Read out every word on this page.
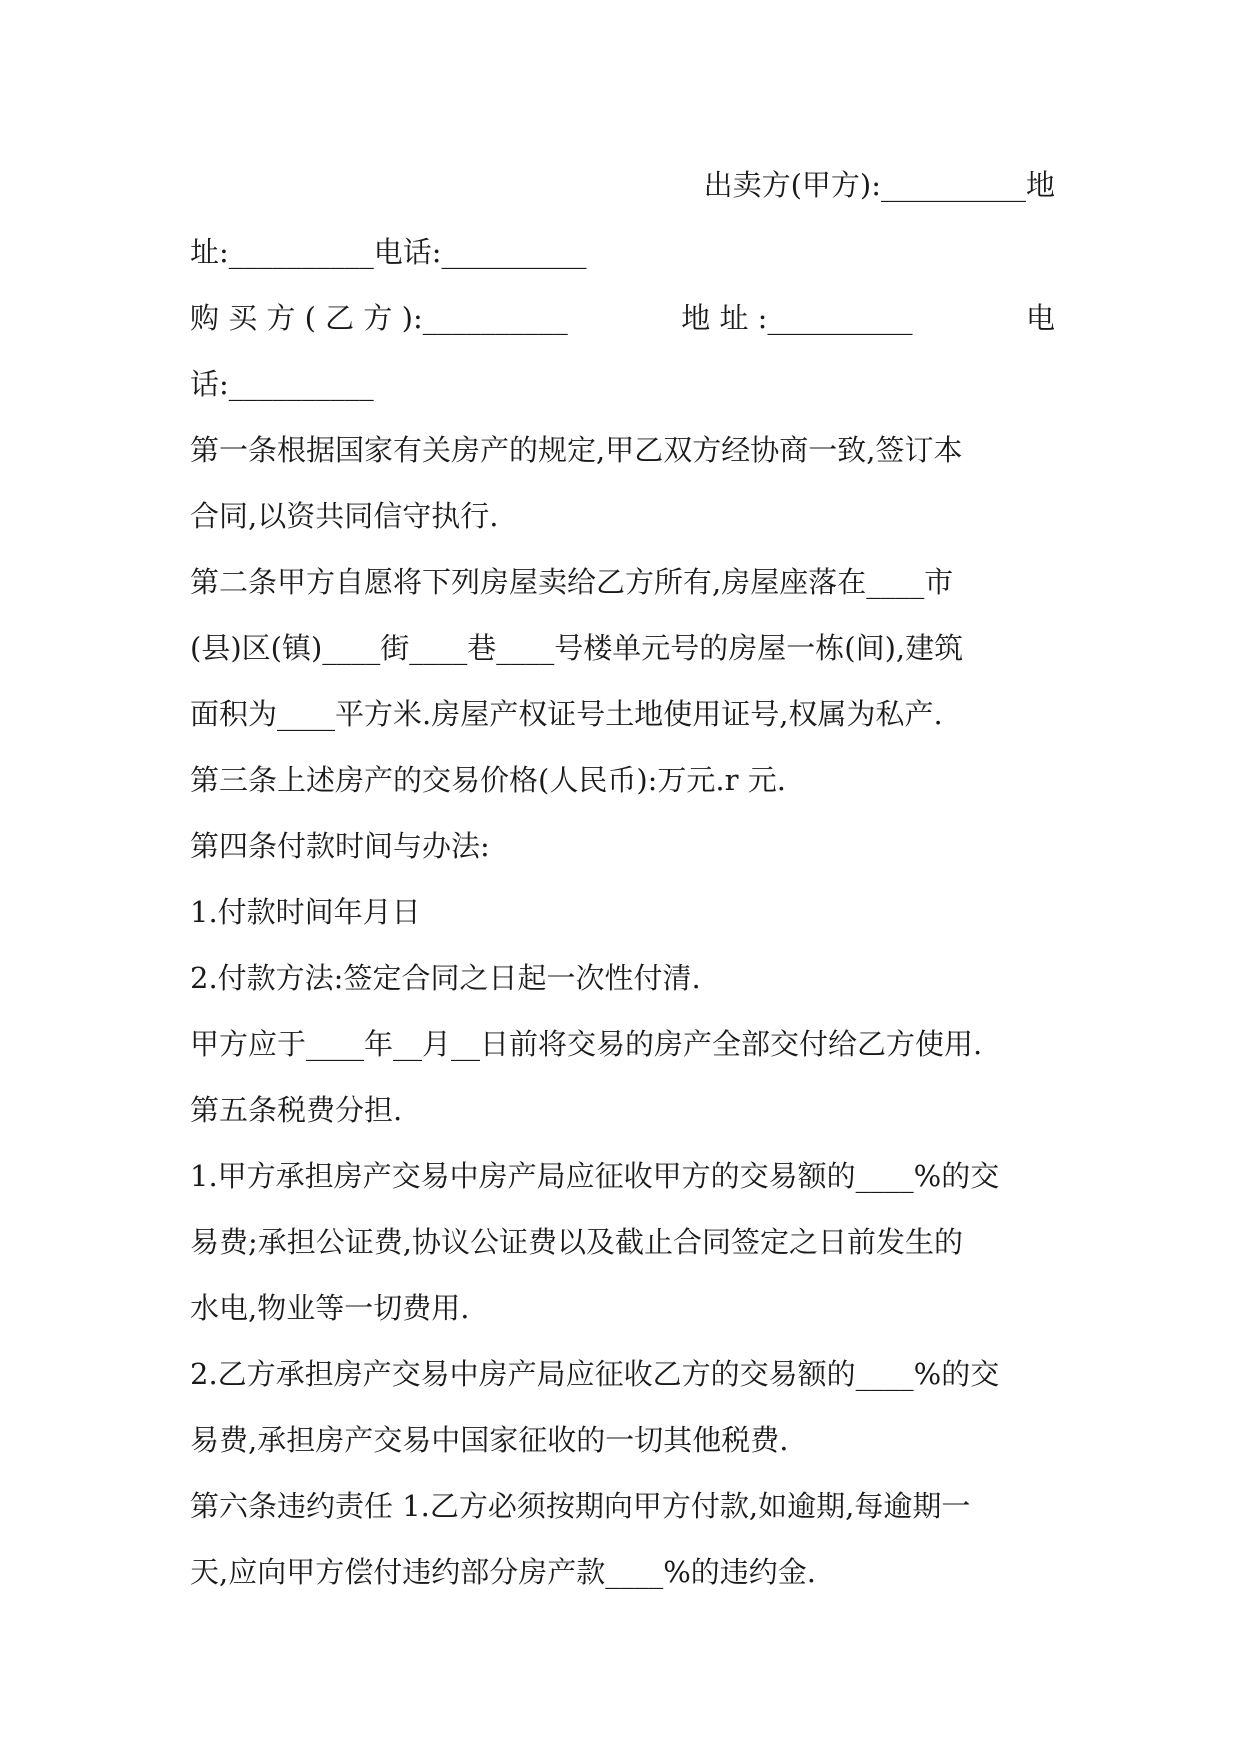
出卖方(甲方):__________地
址:__________电话:__________
购 买 方 ( 乙 方 ):__________	地 址 :__________	电
话:__________
第一条根据国家有关房产的规定,甲乙双方经协商一致,签订本
合同,以资共同信守执行.
第二条甲方自愿将下列房屋卖给乙方所有,房屋座落在____市
(县)区(镇)____街____巷____号楼单元号的房屋一栋(间),建筑
面积为____平方米.房屋产权证号土地使用证号,权属为私产.
第三条上述房产的交易价格(人民币):万元.r 元.
第四条付款时间与办法:
1.付款时间年月日
2.付款方法:签定合同之日起一次性付清.
甲方应于____年__月__日前将交易的房产全部交付给乙方使用.
第五条税费分担.
1.甲方承担房产交易中房产局应征收甲方的交易额的____%的交
易费;承担公证费,协议公证费以及截止合同签定之日前发生的
水电,物业等一切费用.
2.乙方承担房产交易中房产局应征收乙方的交易额的____%的交
易费,承担房产交易中国家征收的一切其他税费.
第六条违约责任 1.乙方必须按期向甲方付款,如逾期,每逾期一
天,应向甲方偿付违约部分房产款____%的违约金.
